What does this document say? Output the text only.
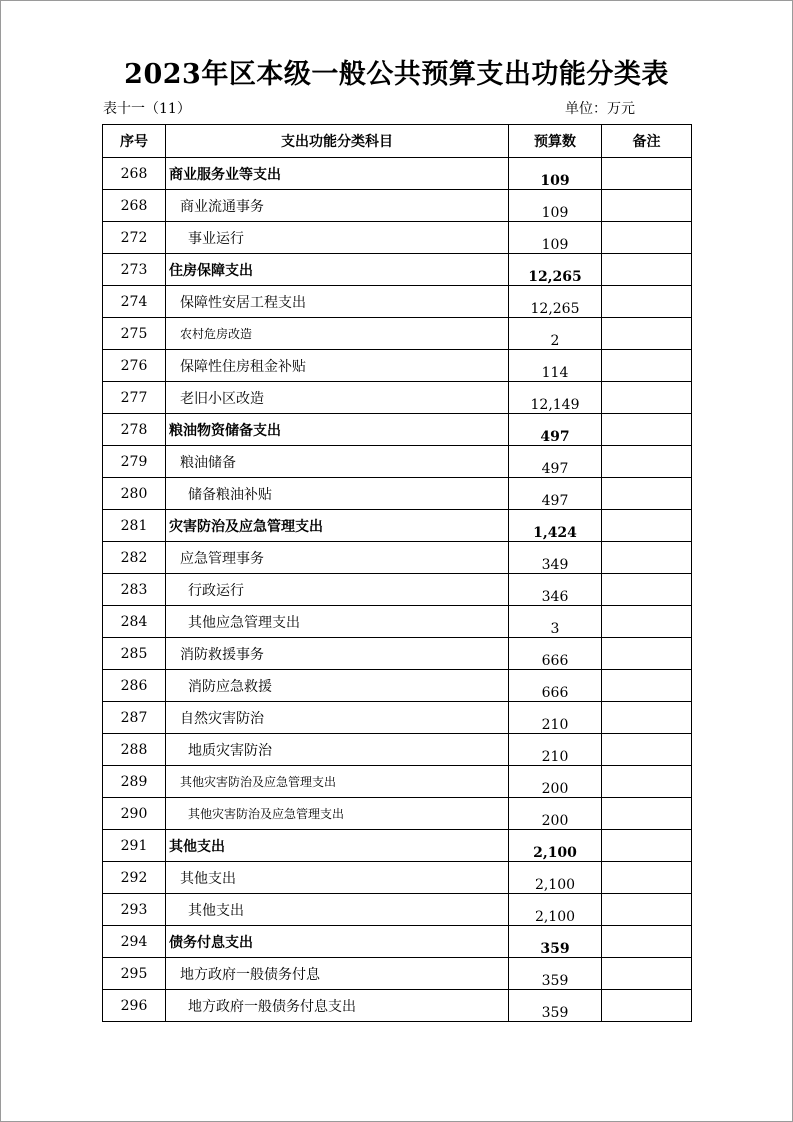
2023年区本级一般公共预算支出功能分类表
表十一（11）	单位：万元
序号	支出功能分类科目	预算数	备注
268	商业服务业等支出	109	
268	商业流通事务	109	
272	事业运行	109	
273	住房保障支出	12,265	
274	保障性安居工程支出	12,265	
275	农村危房改造	2	
276	保障性住房租金补贴	114	
277	老旧小区改造	12,149	
278	粮油物资储备支出	497	
279	粮油储备	497	
280	储备粮油补贴	497	
281	灾害防治及应急管理支出	1,424	
282	应急管理事务	349	
283	行政运行	346	
284	其他应急管理支出	3	
285	消防救援事务	666	
286	消防应急救援	666	
287	自然灾害防治	210	
288	地质灾害防治	210	
289	其他灾害防治及应急管理支出	200	
290	其他灾害防治及应急管理支出	200	
291	其他支出	2,100	
292	其他支出	2,100	
293	其他支出	2,100	
294	债务付息支出	359	
295	地方政府一般债务付息	359	
296	地方政府一般债务付息支出	359	
